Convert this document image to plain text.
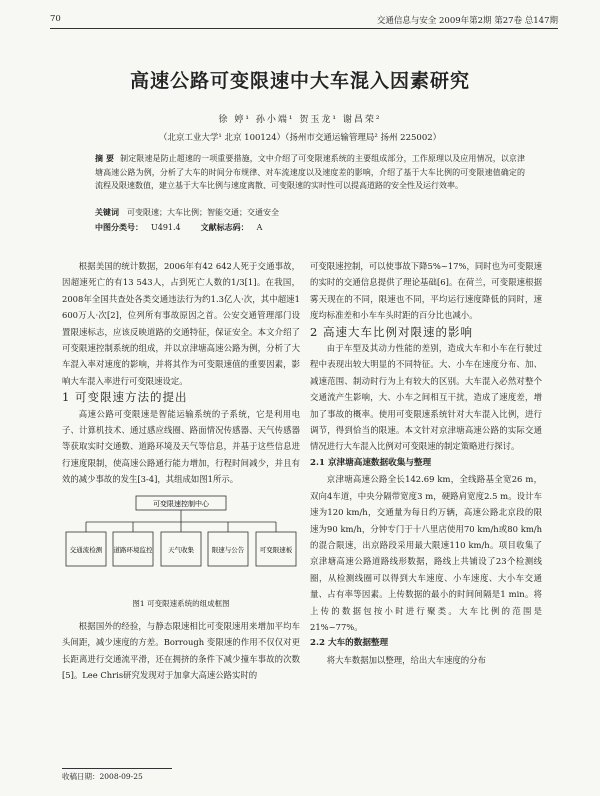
70	交通信息与安全 2009年第2期 第27卷 总147期
高速公路可变限速中大车混入因素研究
徐 婷¹ 孙小端¹ 贺玉龙¹ 谢昌荣²
（北京工业大学¹ 北京 100124）（扬州市交通运输管理局² 扬州 225002）
摘 要 制定限速是防止超速的一项重要措施，文中介绍了可变限速系统的主要组成部分，工作原理以及应用情况，以京津塘高速公路为例，分析了大车的时间分布规律、对车流速度以及速度差的影响，介绍了基于大车比例的可变限速值确定的流程及限速数值，建立基于大车比例与速度离散、可变限速的实时性可以提高道路的安全性及运行效率。
关键词 可变限速；大车比例；智能交通；交通安全
中图分类号： U491.4	文献标志码： A

根据美国的统计数据，2006年有42 642人死于交通事故，因超速死亡的有13 543人，占到死亡人数的1/3[1]。在我国，2008年全国共查处各类交通违法行为约1.3亿人·次，其中超速1 600万人·次[2]，位列所有事故原因之首。公安交通管理部门设置限速标志，应该反映道路的交通特征，保证安全。本文介绍了可变限速控制系统的组成，并以京津塘高速公路为例，分析了大车混入率对速度的影响，并将其作为可变限速值的重要因素，影响大车混入率进行可变限速设定。

1 可变限速方法的提出

高速公路可变限速是智能运输系统的子系统，它是利用电子、计算机技术、通过感应线圈、路面情况传感器、天气传感器等获取实时交通数、道路环境及天气等信息，并基于这些信息进行速度限制，使高速公路通行能力增加，行程时间减少，并且有效的减少事故的发生[3-4]，其组成如图1所示。

可变限速控制中心
交通流检测 道路环境监控 天气收集	限速与公告 可变限速板
图1 可变限速系统的组成框图

根据国外的经验，与静态限速相比可变限速用来增加平均车头间距，减少速度的方差。Borrough 变限速的作用不仅仅对更长距离进行交通流平滑，还在拥挤的条件下减少撞车事故的次数[5]。Lee Chris研究发现对于加拿大高速公路实时的

可变限速控制，可以使事故下降5%~17%，同时也为可变限速的实时的交通信息提供了理论基础[6]。在荷兰，可变限速根据雾天现在的不同，限速也不同，平均运行速度降低的同时，速度均标准差和小车车头时距的百分比也减小。

2 高速大车比例对限速的影响

由于车型及其动力性能的差别，造成大车和小车在行驶过程中表现出较大明显的不同特征。大、小车在速度分布、加、减速范围、制动时行为上有较大的区别。大车混入必然对整个交通流产生影响，大、小车之间相互干扰，造成了速度差，增加了事故的概率。使用可变限速系统针对大车混入比例，进行调节，得到恰当的限速。本文针对京津塘高速公路的实际交通情况进行大车混入比例对可变限速的制定策略进行探讨。

2.1 京津塘高速数据收集与整理

京津塘高速公路全长142.69 km，全线路基全宽26 m，双向4车道，中央分隔带宽度3 m，硬路肩宽度2.5 m。设计车速为120 km/h，交通量为每日约万辆，高速公路北京段的限速为90 km/h，分钟专门于十八里店使用70 km/h或80 km/h的混合限速，出京路段采用最大限速110 km/h。项目收集了京津塘高速公路道路线形数据，路线上共铺设了23个检测线圈，从检测线圈可以得到大车速度、小车速度、大小车交通量、占有率等因素。上传数据的最小的时间间隔是1 min。将上传的数据包按小时进行聚类。大车比例的范围是21%~77%。

2.2 大车的数据整理

将大车数据加以整理，给出大车速度的分布

收稿日期：2008-09-25
